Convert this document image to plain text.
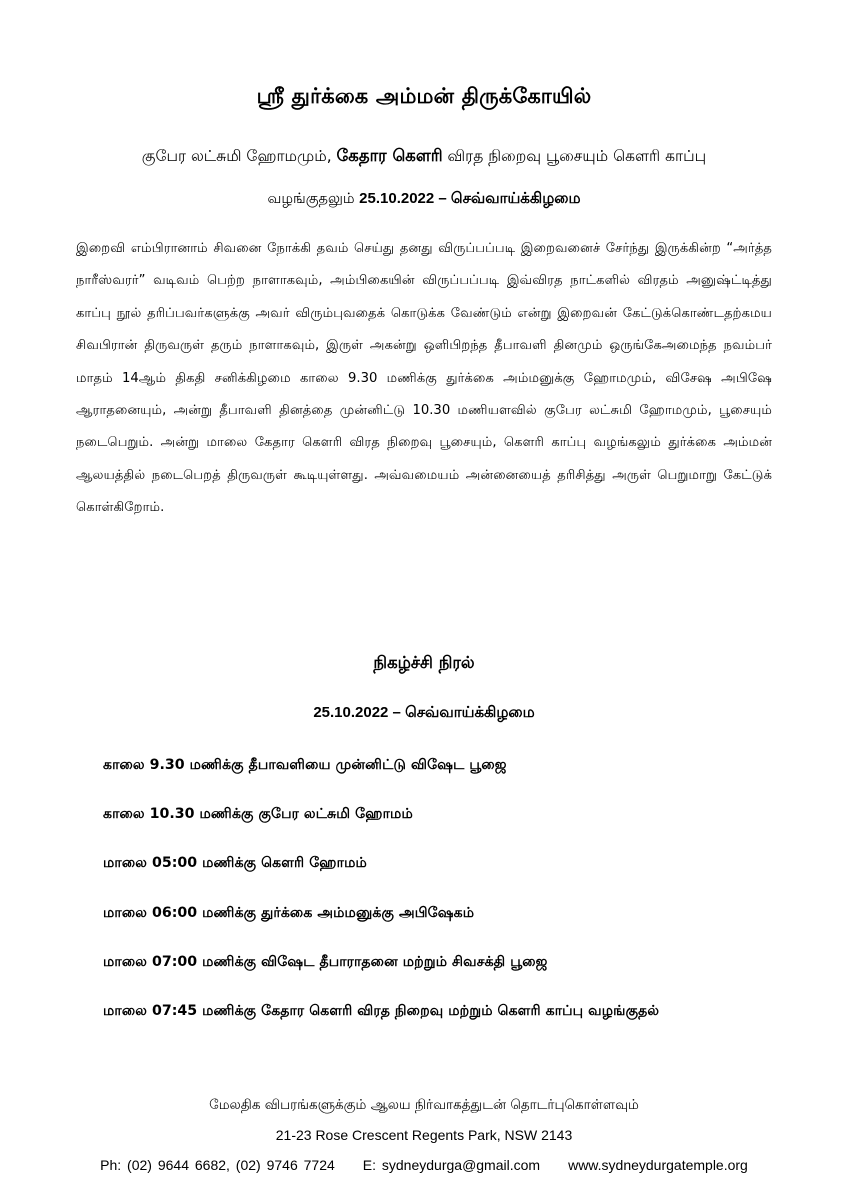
ஸ்ரீ துர்க்கை அம்மன் திருக்கோயில்
குபேர லட்சுமி ஹோமமும், கேதார கௌரி விரத நிறைவு பூசையும் கௌரி காப்பு
வழங்குதலும் 25.10.2022 – செவ்வாய்க்கிழமை
இறைவி எம்பிரானாம் சிவனை நோக்கி தவம் செய்து தனது விருப்பப்படி இறைவனைச் சேர்ந்து இருக்கின்ற “அர்த்த நாரீஸ்வரர்” வடிவம் பெற்ற நாளாகவும், அம்பிகையின் விருப்பப்படி இவ்விரத நாட்களில் விரதம் அனுஷ்ட்டித்து காப்பு நூல் தரிப்பவர்களுக்கு அவர் விரும்புவதைக் கொடுக்க வேண்டும் என்று இறைவன் கேட்டுக்கொண்டதற்கமய சிவபிரான் திருவருள் தரும் நாளாகவும், இருள் அகன்று ஒளிபிறந்த தீபாவளி தினமும் ஒருங்கேஅமைந்த நவம்பர் மாதம் 14ஆம் திகதி சனிக்கிழமை காலை 9.30 மணிக்கு துர்க்கை அம்மனுக்கு ஹோமமும், விசேஷ அபிஷே ஆராதனையும், அன்று தீபாவளி தினத்தை முன்னிட்டு 10.30 மணியளவில் குபேர லட்சுமி ஹோமமும், பூசையும் நடைபெறும். அன்று மாலை கேதார கௌரி விரத நிறைவு பூசையும், கௌரி காப்பு வழங்கலும் துர்க்கை அம்மன் ஆலயத்தில் நடைபெறத் திருவருள் கூடியுள்ளது. அவ்வமையம் அன்னையைத் தரிசித்து அருள் பெறுமாறு கேட்டுக் கொள்கிறோம்.
நிகழ்ச்சி நிரல்
25.10.2022 – செவ்வாய்க்கிழமை
காலை 9.30 மணிக்கு தீபாவளியை முன்னிட்டு விஷேட பூஜை
காலை 10.30 மணிக்கு குபேர லட்சுமி ஹோமம்
மாலை 05:00 மணிக்கு கௌரி ஹோமம்
மாலை 06:00 மணிக்கு துர்க்கை அம்மனுக்கு அபிஷேகம்
மாலை 07:00 மணிக்கு விஷேட தீபாராதனை மற்றும் சிவசக்தி பூஜை
மாலை 07:45 மணிக்கு கேதார கௌரி விரத நிறைவு மற்றும் கௌரி காப்பு வழங்குதல்
மேலதிக விபரங்களுக்கும் ஆலய நிர்வாகத்துடன் தொடர்புகொள்ளவும்
21-23 Rose Crescent Regents Park, NSW 2143
Ph: (02) 9644 6682, (02) 9746 7724 E: sydneydurga@gmail.com www.sydneydurgatemple.org
